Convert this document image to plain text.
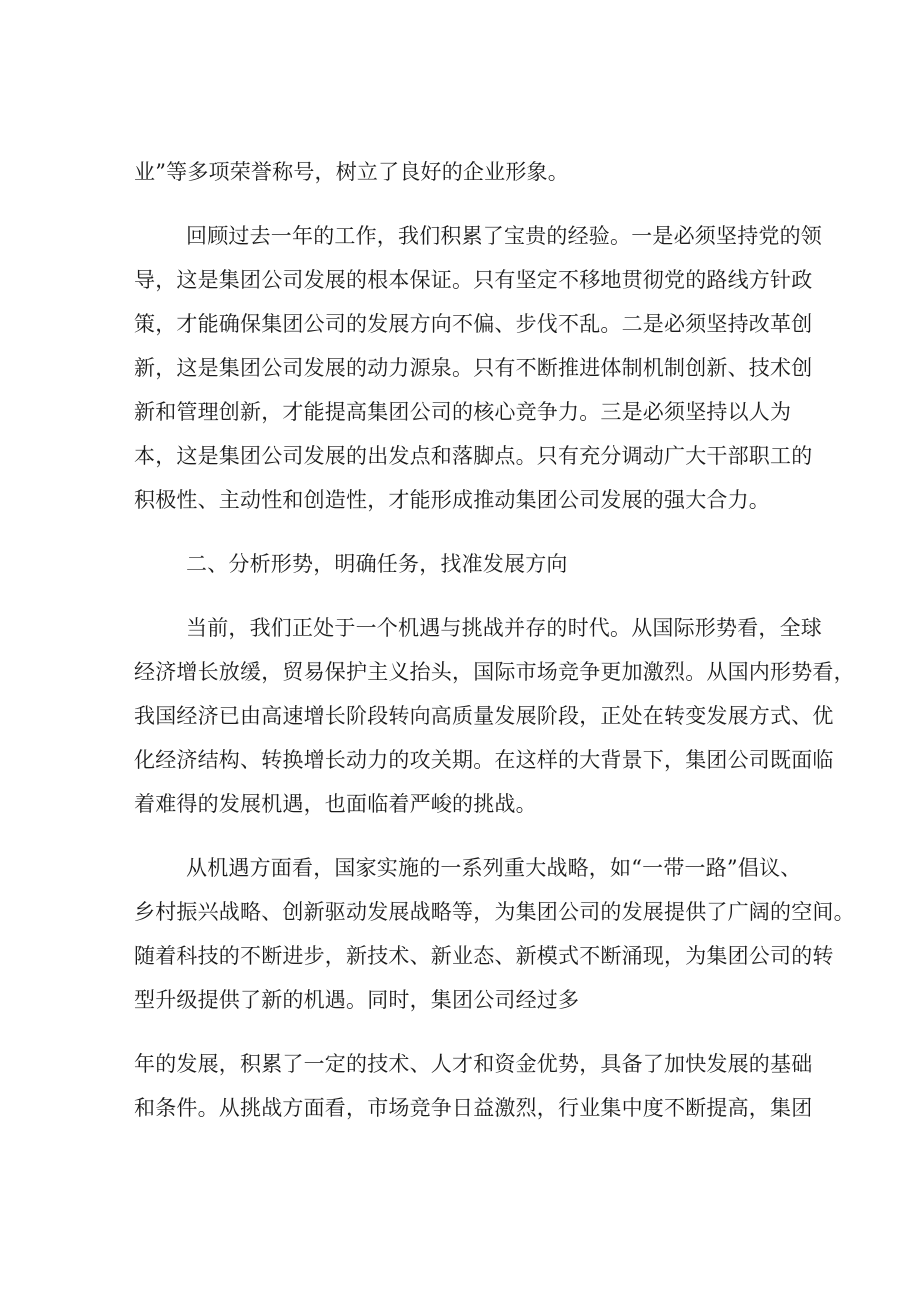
业”等多项荣誉称号，树立了良好的企业形象。
回顾过去一年的工作，我们积累了宝贵的经验。一是必须坚持党的领
导，这是集团公司发展的根本保证。只有坚定不移地贯彻党的路线方针政
策，才能确保集团公司的发展方向不偏、步伐不乱。二是必须坚持改革创
新，这是集团公司发展的动力源泉。只有不断推进体制机制创新、技术创
新和管理创新，才能提高集团公司的核心竞争力。三是必须坚持以人为
本，这是集团公司发展的出发点和落脚点。只有充分调动广大干部职工的
积极性、主动性和创造性，才能形成推动集团公司发展的强大合力。
二、分析形势，明确任务，找准发展方向
当前，我们正处于一个机遇与挑战并存的时代。从国际形势看，全球
经济增长放缓，贸易保护主义抬头，国际市场竞争更加激烈。从国内形势看，
我国经济已由高速增长阶段转向高质量发展阶段，正处在转变发展方式、优
化经济结构、转换增长动力的攻关期。在这样的大背景下，集团公司既面临
着难得的发展机遇，也面临着严峻的挑战。
从机遇方面看，国家实施的一系列重大战略，如“一带一路”倡议、
乡村振兴战略、创新驱动发展战略等，为集团公司的发展提供了广阔的空间。
随着科技的不断进步，新技术、新业态、新模式不断涌现，为集团公司的转
型升级提供了新的机遇。同时，集团公司经过多
年的发展，积累了一定的技术、人才和资金优势，具备了加快发展的基础
和条件。从挑战方面看，市场竞争日益激烈，行业集中度不断提高，集团
